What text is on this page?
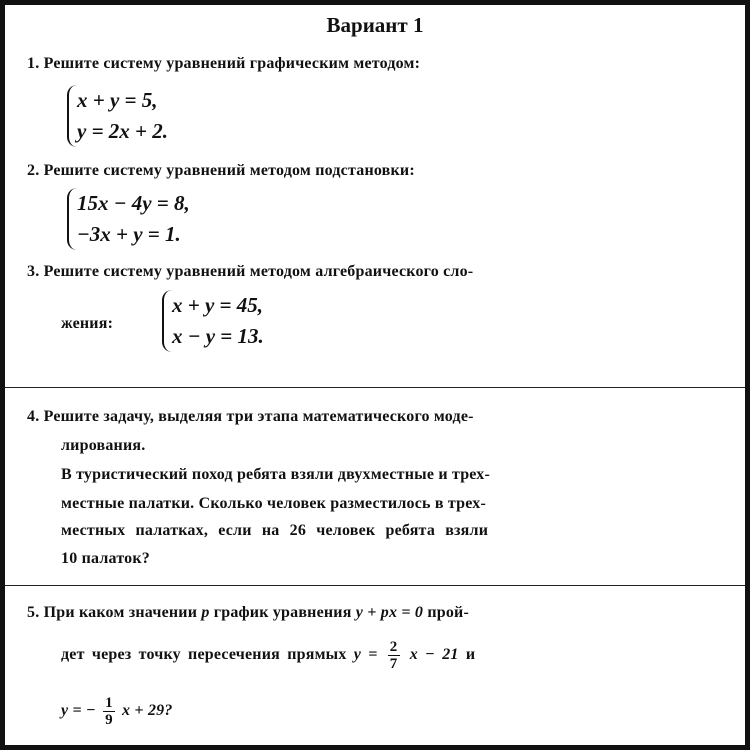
Вариант 1
1. Решите систему уравнений графическим методом:
x + y = 5,
y = 2x + 2.
2. Решите систему уравнений методом подстановки:
15x − 4y = 8,
−3x + y = 1.
3. Решите систему уравнений методом алгебраического сло-
жения:
x + y = 45,
x − y = 13.
4. Решите задачу, выделяя три этапа математического моде-
лирования.
В туристический поход ребята взяли двухместные и трех-
местные палатки. Сколько человек разместилось в трех-
местных палатках, если на 26 человек ребята взяли
10 палаток?
5. При каком значении p график уравнения y + px = 0 прой-
дет через точку пересечения прямых $y = \frac{2}{7}$ x − 21 и
y = − $\frac{1}{9}$ x + 29?
